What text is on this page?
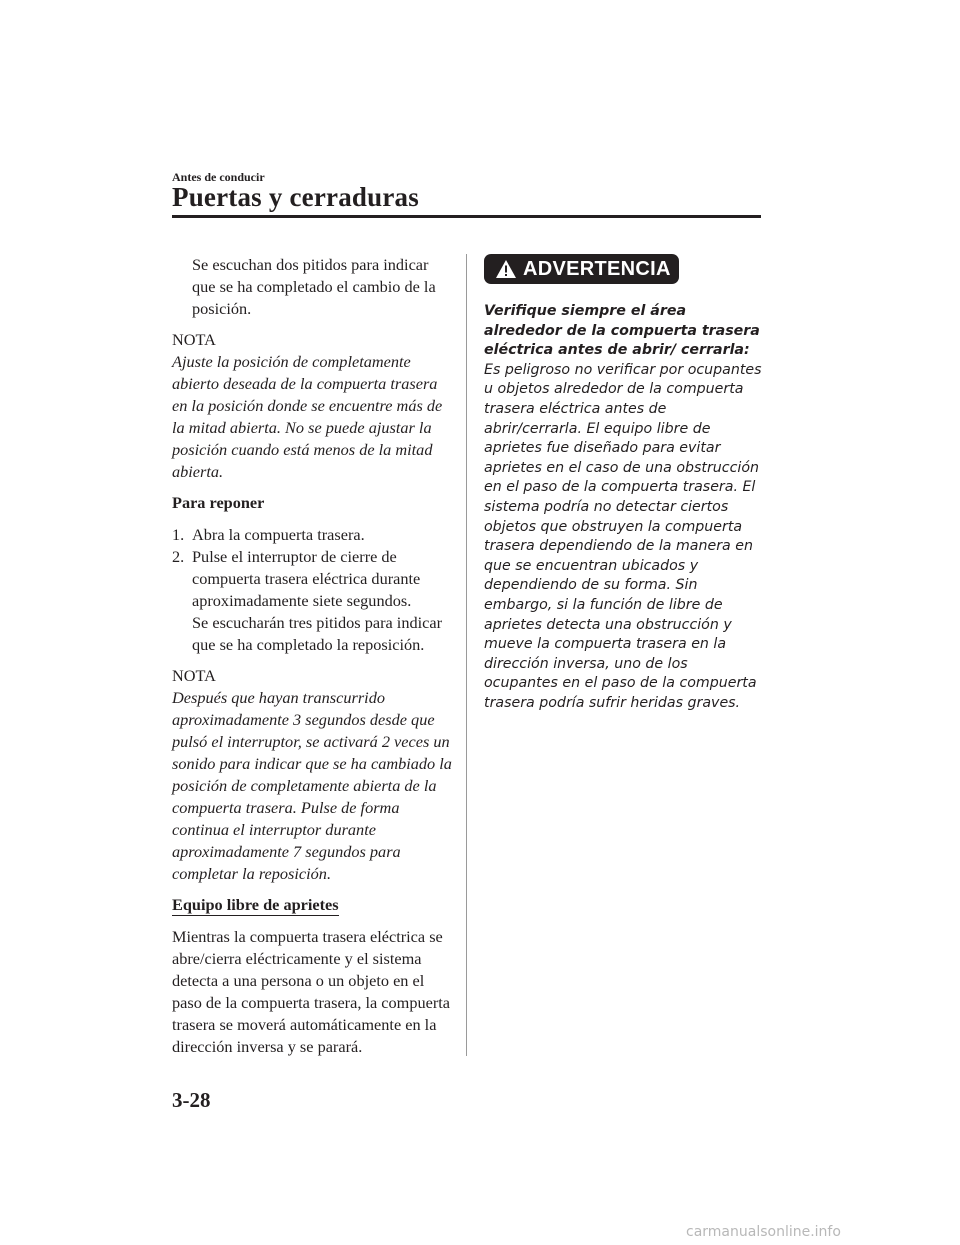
Antes de conducir
Puertas y cerraduras

Se escuchan dos pitidos para indicar que se ha completado el cambio de la posición.

NOTA
Ajuste la posición de completamente abierto deseada de la compuerta trasera en la posición donde se encuentre más de la mitad abierta. No se puede ajustar la posición cuando está menos de la mitad abierta.
Para reponer
1. Abra la compuerta trasera.
2. Pulse el interruptor de cierre de compuerta trasera eléctrica durante aproximadamente siete segundos.
Se escucharán tres pitidos para indicar que se ha completado la reposición.
NOTA
Después que hayan transcurrido aproximadamente 3 segundos desde que pulsó el interruptor, se activará 2 veces un sonido para indicar que se ha cambiado la posición de completamente abierta de la compuerta trasera. Pulse de forma continua el interruptor durante aproximadamente 7 segundos para completar la reposición.
Equipo libre de aprietes

Mientras la compuerta trasera eléctrica se abre/cierra eléctricamente y el sistema detecta a una persona o un objeto en el paso de la compuerta trasera, la compuerta trasera se moverá automáticamente en la dirección inversa y se parará.

ADVERTENCIA
Verifique siempre el área alrededor de la compuerta trasera eléctrica antes de abrir/ cerrarla:
Es peligroso no verificar por ocupantes u objetos alrededor de la compuerta trasera eléctrica antes de abrir/cerrarla. El equipo libre de aprietes fue diseñado para evitar aprietes en el caso de una obstrucción en el paso de la compuerta trasera. El sistema podría no detectar ciertos objetos que obstruyen la compuerta trasera dependiendo de la manera en que se encuentran ubicados y dependiendo de su forma. Sin embargo, si la función de libre de aprietes detecta una obstrucción y mueve la compuerta trasera en la dirección inversa, uno de los ocupantes en el paso de la compuerta trasera podría sufrir heridas graves.
3-28
carmanualsonline.info
